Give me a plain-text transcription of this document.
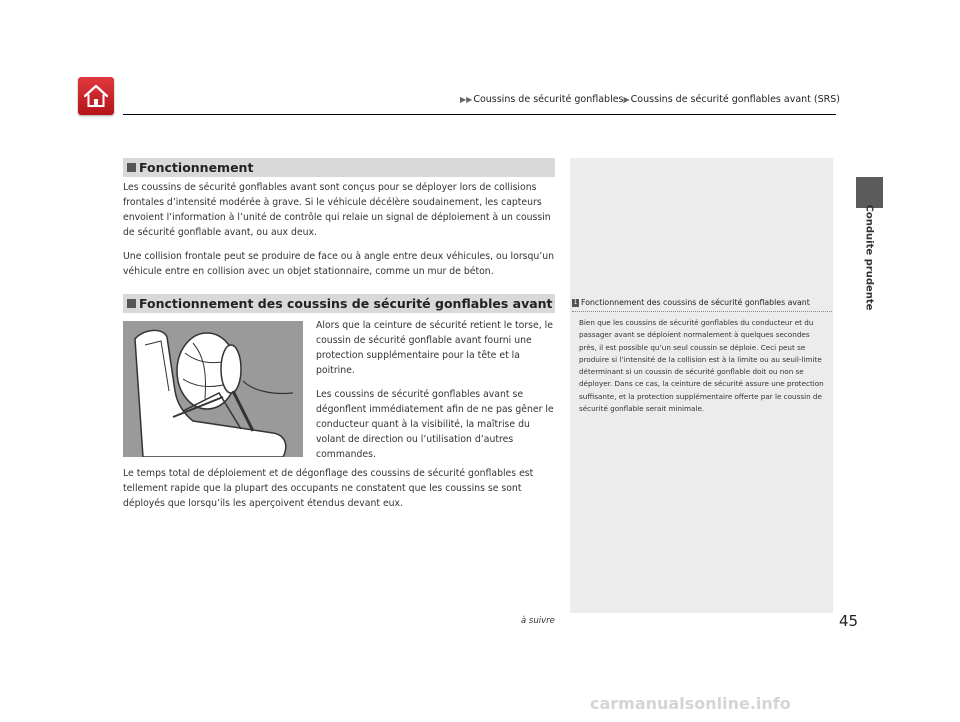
▶▶ Coussins de sécurité gonflables ▶ Coussins de sécurité gonflables avant (SRS)
Conduite prudente
Fonctionnement

Les coussins de sécurité gonflables avant sont conçus pour se déployer lors de collisions frontales d’intensité modérée à grave. Si le véhicule décélère soudainement, les capteurs envoient l’information à l’unité de contrôle qui relaie un signal de déploiement à un coussin de sécurité gonflable avant, ou aux deux.

Une collision frontale peut se produire de face ou à angle entre deux véhicules, ou lorsqu’un véhicule entre en collision avec un objet stationnaire, comme un mur de béton.

Fonctionnement des coussins de sécurité gonflables avant

Alors que la ceinture de sécurité retient le torse, le coussin de sécurité gonflable avant fourni une protection supplémentaire pour la tête et la poitrine.

Les coussins de sécurité gonflables avant se dégonflent immédiatement afin de ne pas gêner le conducteur quant à la visibilité, la maîtrise du volant de direction ou l’utilisation d’autres commandes.

Le temps total de déploiement et de dégonflage des coussins de sécurité gonflables est tellement rapide que la plupart des occupants ne constatent que les coussins se sont déployés que lorsqu’ils les aperçoivent étendus devant eux.

1 Fonctionnement des coussins de sécurité gonflables avant

Bien que les coussins de sécurité gonflables du conducteur et du passager avant se déploient normalement à quelques secondes près, il est possible qu’un seul coussin se déploie. Ceci peut se produire si l’intensité de la collision est à la limite ou au seuil-limite déterminant si un coussin de sécurité gonflable doit ou non se déployer. Dans ce cas, la ceinture de sécurité assure une protection suffisante, et la protection supplémentaire offerte par le coussin de sécurité gonflable serait minimale.

à suivre	45
carmanualsonline.info
